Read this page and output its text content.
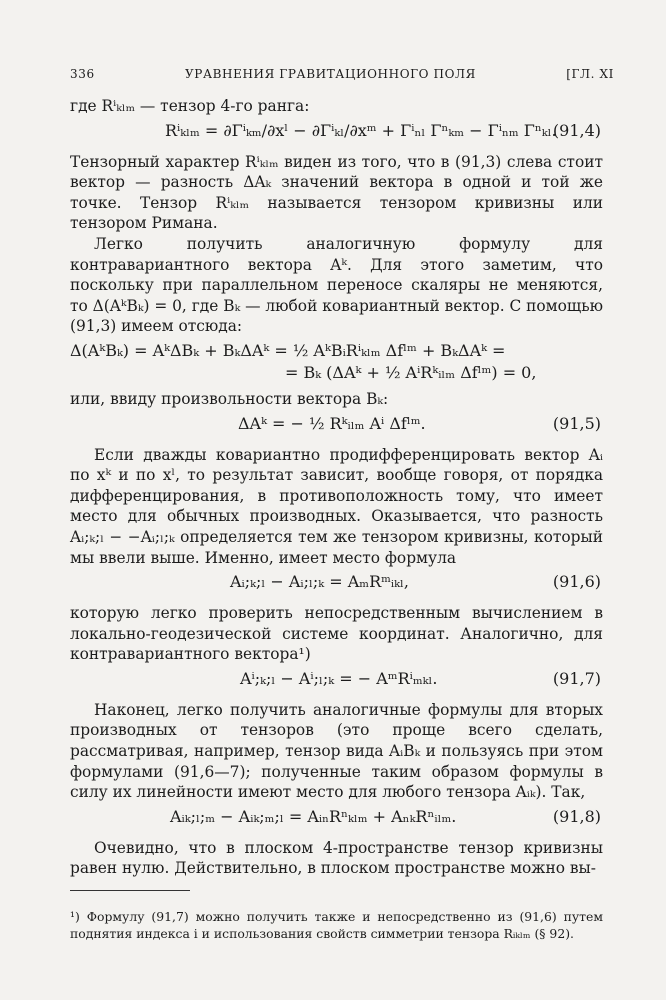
336	УРАВНЕНИЯ ГРАВИТАЦИОННОГО ПОЛЯ	[ГЛ. XI

где Rⁱₖₗₘ — тензор 4-го ранга:

Rⁱₖₗₘ = ∂Γⁱₖₘ/∂xˡ − ∂Γⁱₖₗ/∂xᵐ + Γⁱₙₗ Γⁿₖₘ − Γⁱₙₘ Γⁿₖₗ.
(91,4)

Тензорный характер Rⁱₖₗₘ виден из того, что в (91,3) слева стоит вектор — разность ΔAₖ значений вектора в одной и той же точке. Тензор Rⁱₖₗₘ называется тензором кривизны или тензором Римана.

Легко получить аналогичную формулу для контравариантного вектора Aᵏ. Для этого заметим, что поскольку при параллельном переносе скаляры не меняются, то Δ(AᵏBₖ) = 0, где Bₖ — любой ковариантный вектор. С помощью (91,3) имеем отсюда:

Δ(AᵏBₖ) = AᵏΔBₖ + BₖΔAᵏ = ½ AᵏBᵢRⁱₖₗₘ Δfˡᵐ + BₖΔAᵏ =
= Bₖ (ΔAᵏ + ½ AⁱRᵏᵢₗₘ Δfˡᵐ) = 0,

или, ввиду произвольности вектора Bₖ:

ΔAᵏ = − ½ Rᵏᵢₗₘ Aⁱ Δfˡᵐ.	(91,5)

Если дважды ковариантно продифференцировать вектор Aᵢ по xᵏ и по xˡ, то результат зависит, вообще говоря, от порядка дифференцирования, в противоположность тому, что имеет место для обычных производных. Оказывается, что разность Aᵢ;ₖ;ₗ − −Aᵢ;ₗ;ₖ определяется тем же тензором кривизны, который мы ввели выше. Именно, имеет место формула

Aᵢ;ₖ;ₗ − Aᵢ;ₗ;ₖ = AₘRᵐᵢₖₗ,	(91,6)

которую легко проверить непосредственным вычислением в локально-геодезической системе координат. Аналогично, для контравариантного вектора¹)

Aⁱ;ₖ;ₗ − Aⁱ;ₗ;ₖ = − AᵐRⁱₘₖₗ.	(91,7)

Наконец, легко получить аналогичные формулы для вторых производных от тензоров (это проще всего сделать, рассматривая, например, тензор вида AᵢBₖ и пользуясь при этом формулами (91,6—7); полученные таким образом формулы в силу их линейности имеют место для любого тензора Aᵢₖ). Так,

Aᵢₖ;ₗ;ₘ − Aᵢₖ;ₘ;ₗ = AᵢₙRⁿₖₗₘ + AₙₖRⁿᵢₗₘ.	(91,8)

Очевидно, что в плоском 4-пространстве тензор кривизны равен нулю. Действительно, в плоском пространстве можно вы-

¹) Формулу (91,7) можно получить также и непосредственно из (91,6) путем поднятия индекса i и использования свойств симметрии тензора Rᵢₖₗₘ (§ 92).
